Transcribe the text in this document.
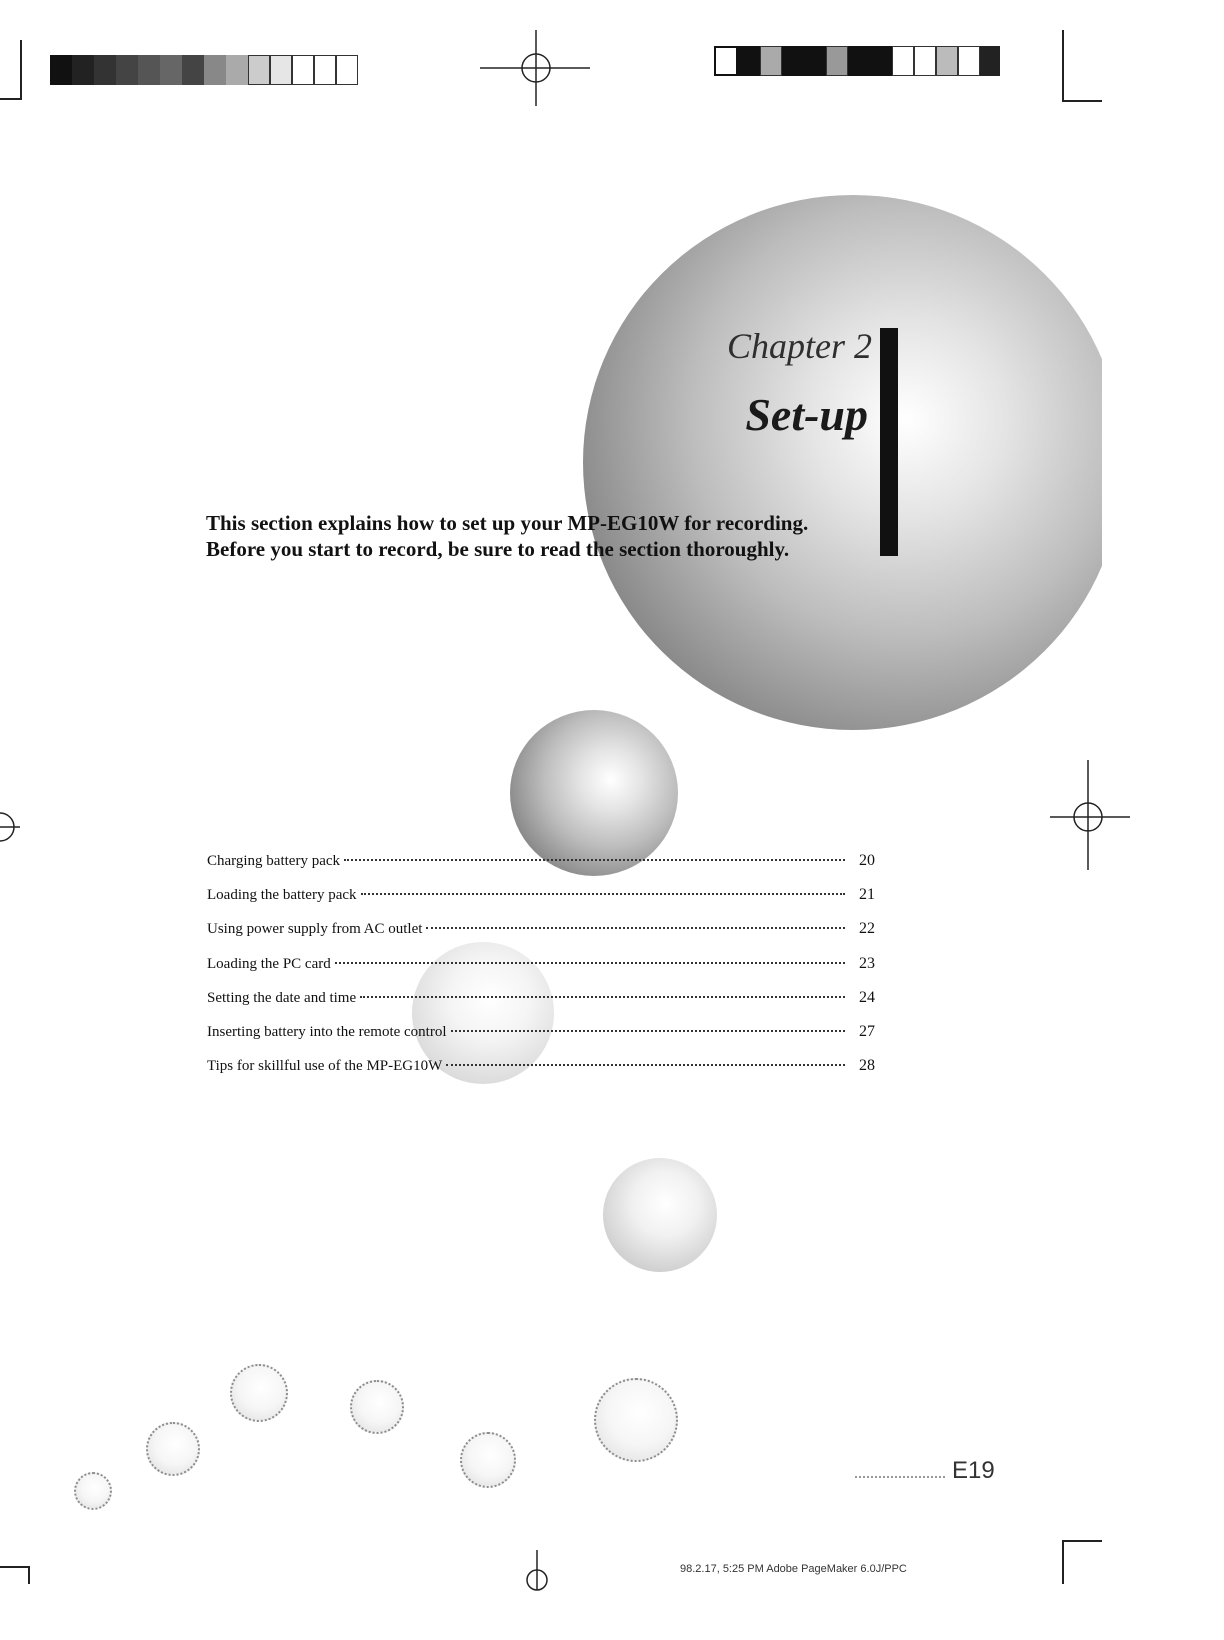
Chapter 2
Set-up
This section explains how to set up your MP-EG10W for recording.
Before you start to record, be sure to read the section thoroughly.
Charging battery pack	20
Loading the battery pack	21
Using power supply from AC outlet	22
Loading the PC card	23
Setting the date and time	24
Inserting battery into the remote control	27
Tips for skillful use of the MP-EG10W	28
E19
98.2.17, 5:25 PM Adobe PageMaker 6.0J/PPC
